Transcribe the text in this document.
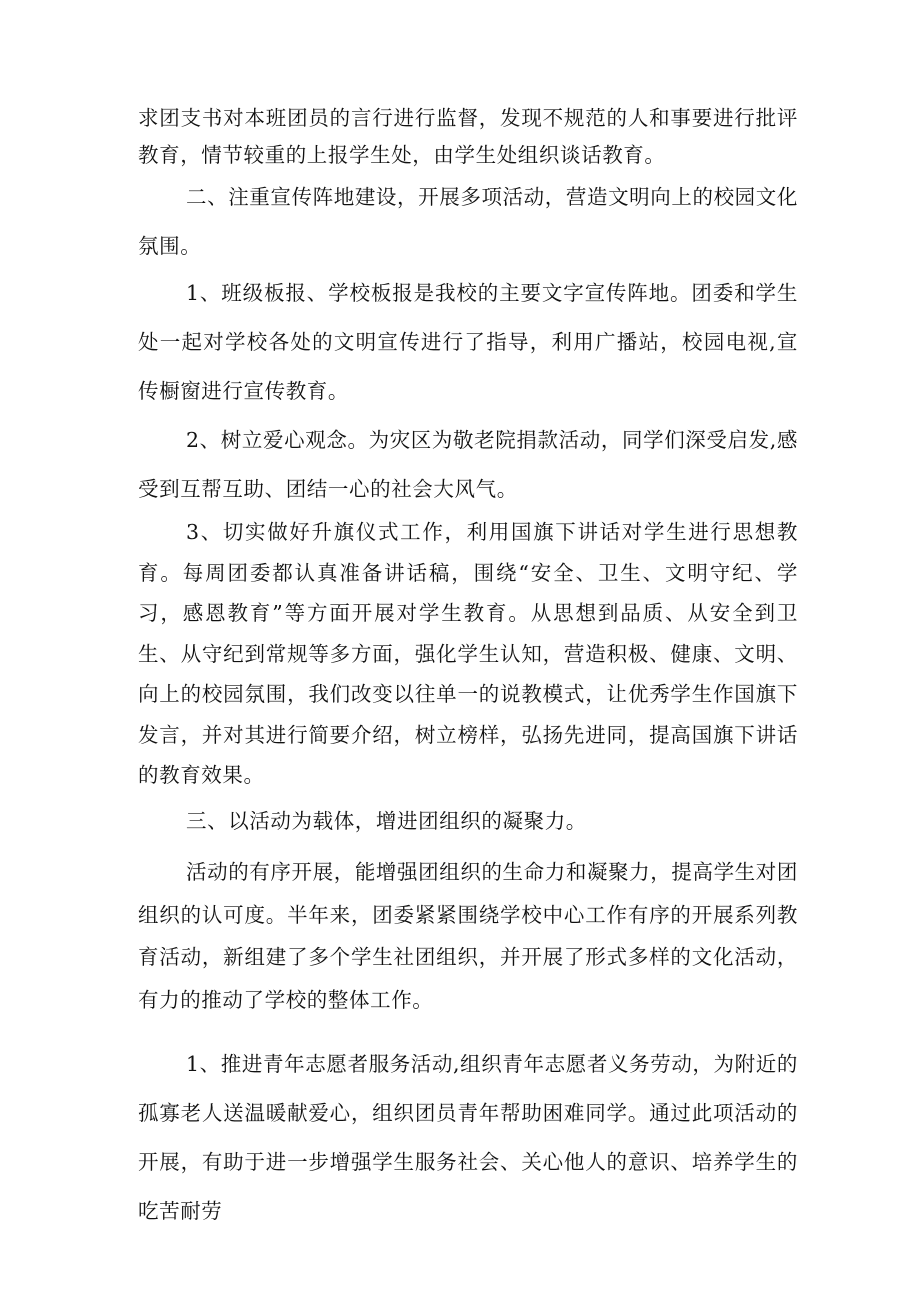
求团支书对本班团员的言行进行监督，发现不规范的人和事要进行批评教育，情节较重的上报学生处，由学生处组织谈话教育。

二、注重宣传阵地建设，开展多项活动，营造文明向上的校园文化氛围。

1、班级板报、学校板报是我校的主要文字宣传阵地。团委和学生处一起对学校各处的文明宣传进行了指导，利用广播站，校园电视,宣传橱窗进行宣传教育。

2、树立爱心观念。为灾区为敬老院捐款活动，同学们深受启发,感受到互帮互助、团结一心的社会大风气。

3、切实做好升旗仪式工作，利用国旗下讲话对学生进行思想教育。每周团委都认真准备讲话稿，围绕“安全、卫生、文明守纪、学习，感恩教育”等方面开展对学生教育。从思想到品质、从安全到卫生、从守纪到常规等多方面，强化学生认知，营造积极、健康、文明、向上的校园氛围，我们改变以往单一的说教模式，让优秀学生作国旗下发言，并对其进行简要介绍，树立榜样，弘扬先进同，提高国旗下讲话的教育效果。

三、以活动为载体，增进团组织的凝聚力。

活动的有序开展，能增强团组织的生命力和凝聚力，提高学生对团组织的认可度。半年来，团委紧紧围绕学校中心工作有序的开展系列教育活动，新组建了多个学生社团组织，并开展了形式多样的文化活动，有力的推动了学校的整体工作。

1、推进青年志愿者服务活动,组织青年志愿者义务劳动，为附近的孤寡老人送温暖献爱心，组织团员青年帮助困难同学。通过此项活动的开展，有助于进一步增强学生服务社会、关心他人的意识、培养学生的吃苦耐劳
